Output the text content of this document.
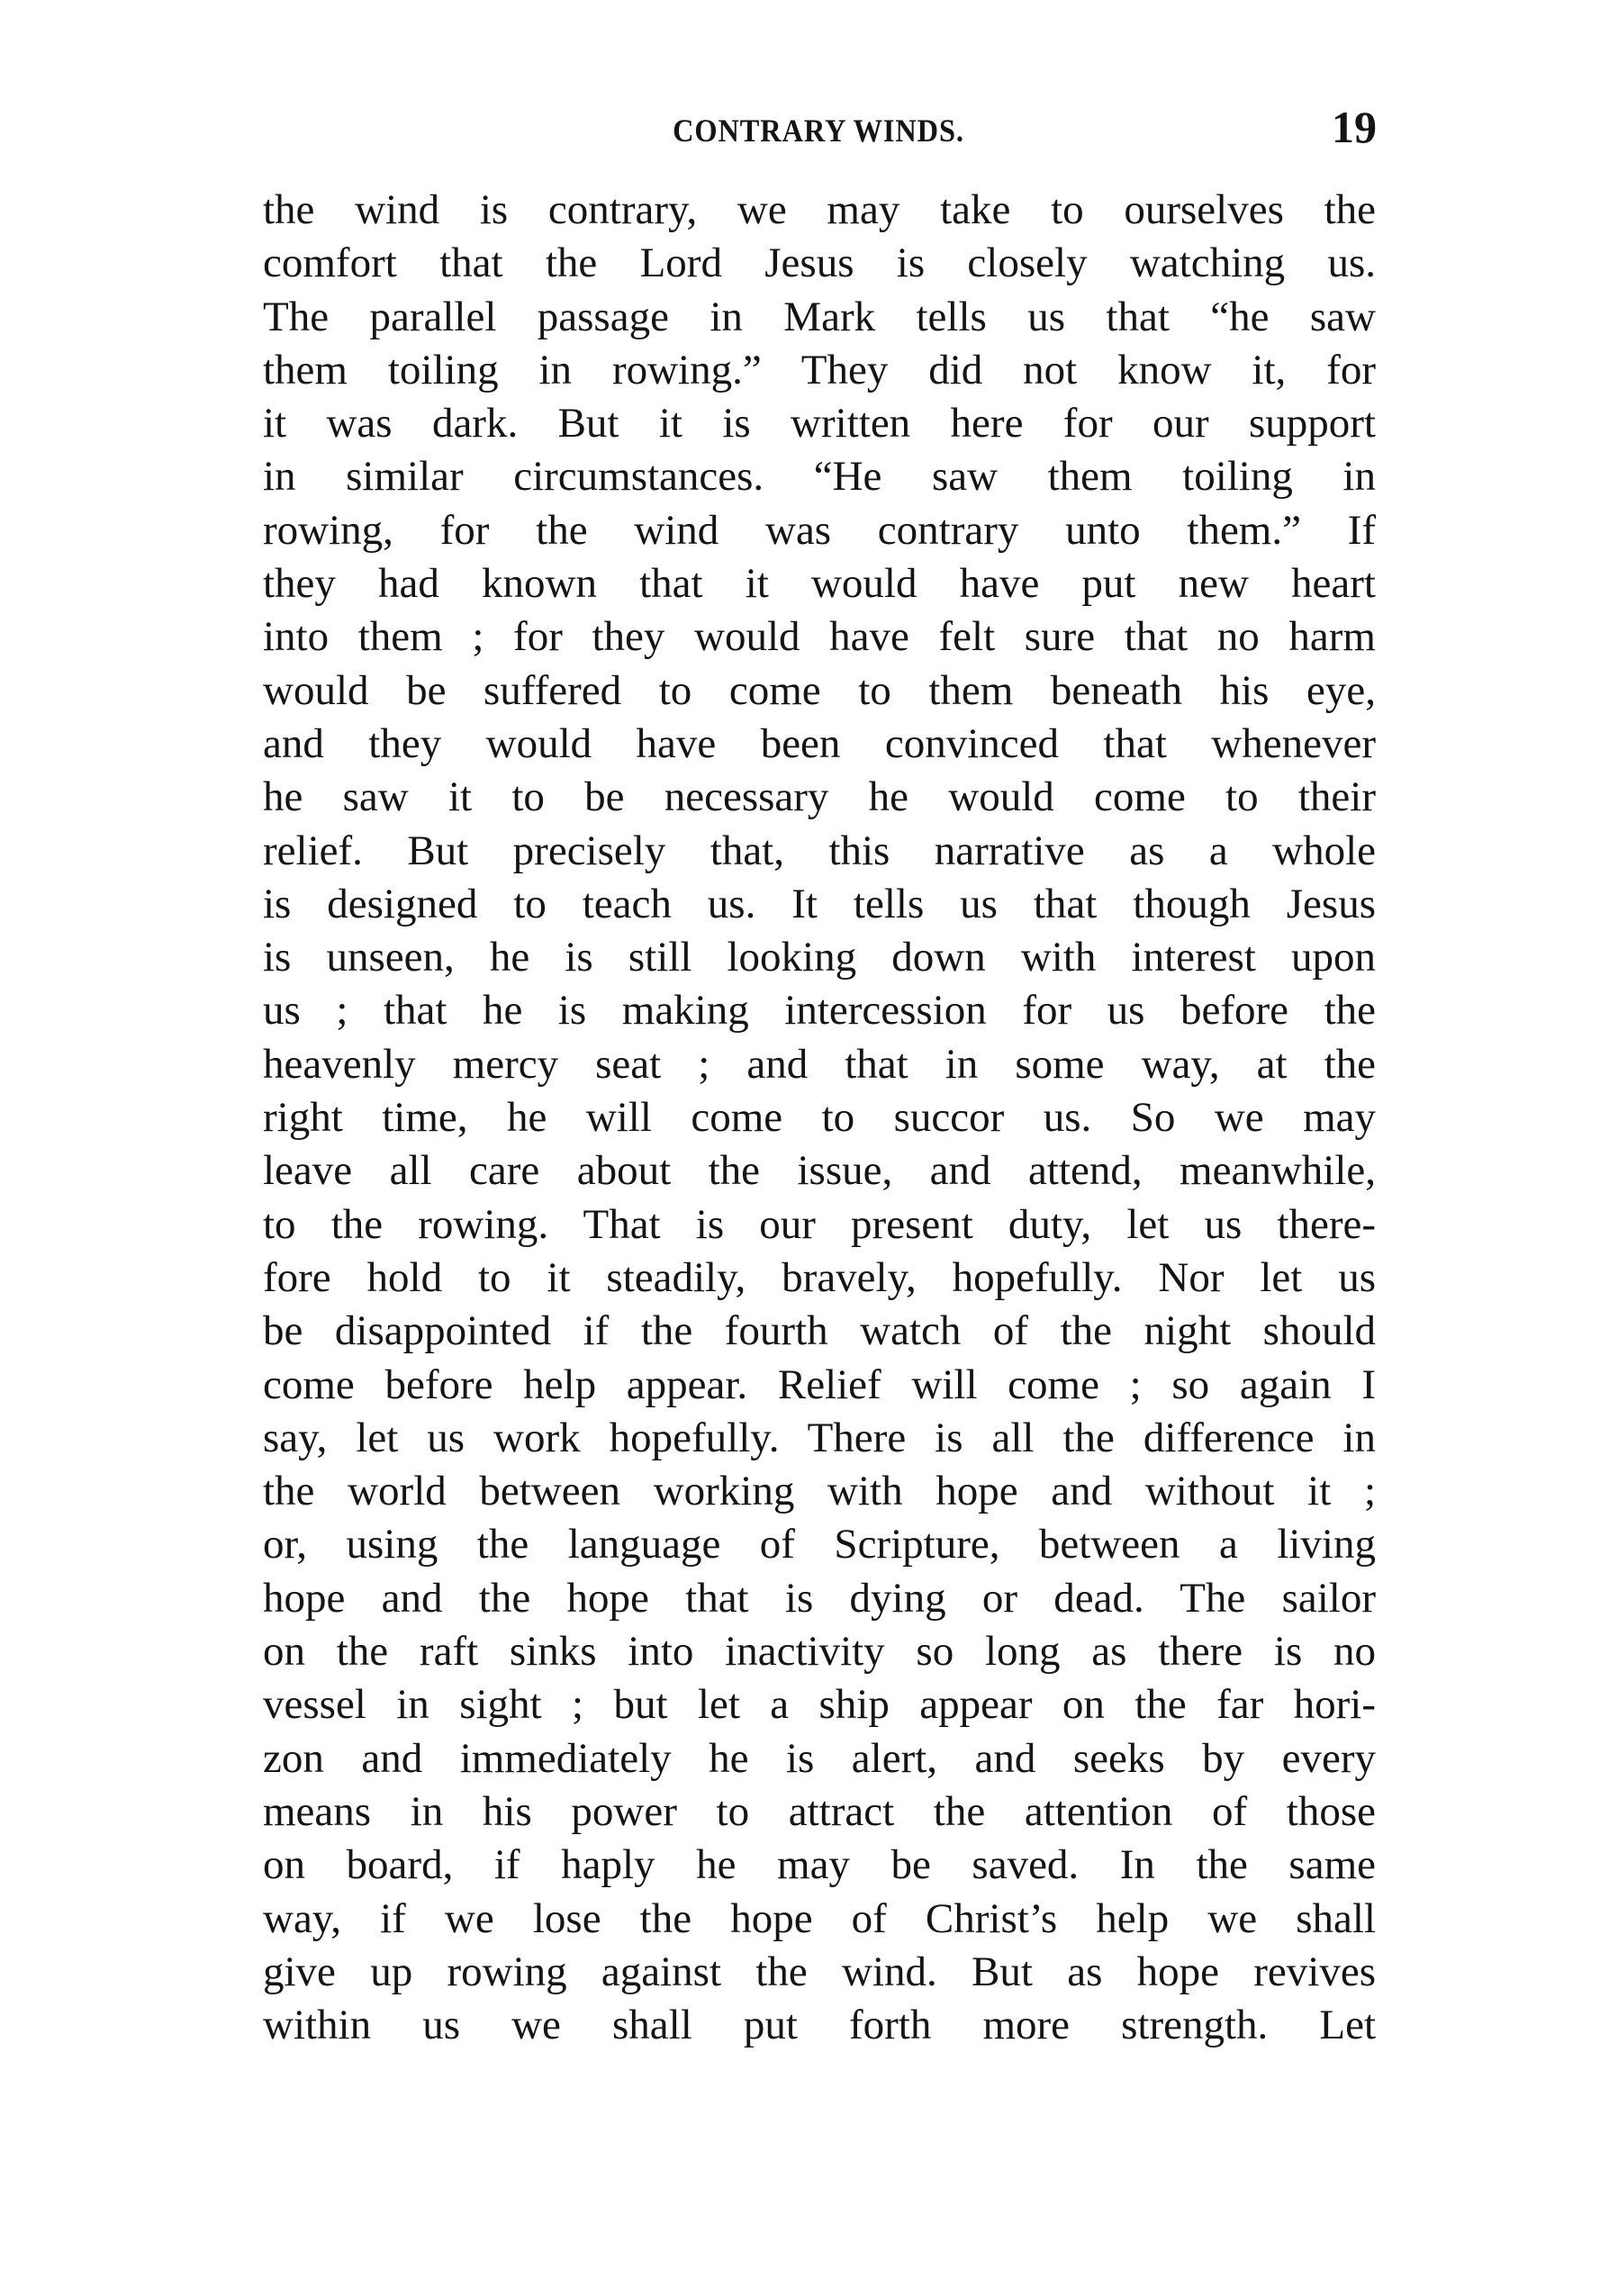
CONTRARY WINDS.	19
the wind is contrary, we may take to ourselves the
comfort that the Lord Jesus is closely watching us.
The parallel passage in Mark tells us that “he saw
them toiling in rowing.” They did not know it, for
it was dark. But it is written here for our support
in similar circumstances. “He saw them toiling in
rowing, for the wind was contrary unto them.” If
they had known that it would have put new heart
into them ; for they would have felt sure that no harm
would be suffered to come to them beneath his eye,
and they would have been convinced that whenever
he saw it to be necessary he would come to their
relief. But precisely that, this narrative as a whole
is designed to teach us. It tells us that though Jesus
is unseen, he is still looking down with interest upon
us ; that he is making intercession for us before the
heavenly mercy seat ; and that in some way, at the
right time, he will come to succor us. So we may
leave all care about the issue, and attend, meanwhile,
to the rowing. That is our present duty, let us there-
fore hold to it steadily, bravely, hopefully. Nor let us
be disappointed if the fourth watch of the night should
come before help appear. Relief will come ; so again I
say, let us work hopefully. There is all the difference in
the world between working with hope and without it ;
or, using the language of Scripture, between a living
hope and the hope that is dying or dead. The sailor
on the raft sinks into inactivity so long as there is no
vessel in sight ; but let a ship appear on the far hori-
zon and immediately he is alert, and seeks by every
means in his power to attract the attention of those
on board, if haply he may be saved. In the same
way, if we lose the hope of Christ’s help we shall
give up rowing against the wind. But as hope revives
within us we shall put forth more strength. Let
